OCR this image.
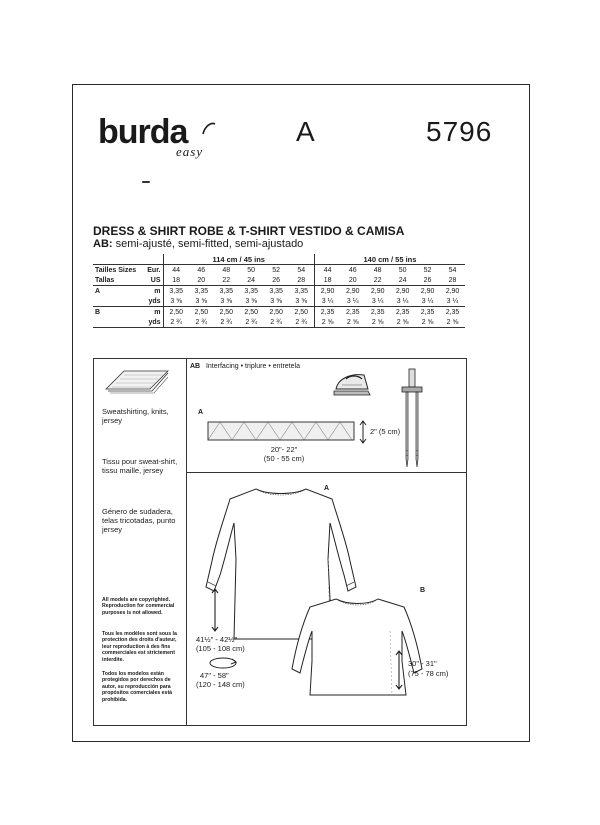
burda
easy
A	5796
DRESS & SHIRT ROBE & T-SHIRT VESTIDO & CAMISA
AB: semi-ajusté, semi-fitted, semi-ajustado
		114 cm / 45 ins						140 cm / 55 ins					
Tailles Sizes	Eur.	44	46	48	50	52	54	44	46	48	50	52	54
Tallas	US	18	20	22	24	26	28	18	20	22	24	26	28
A	m	3,35	3,35	3,35	3,35	3,35	3,35	2,90	2,90	2,90	2,90	2,90	2,90
	yds	3 ⅝	3 ⅝	3 ⅝	3 ⅝	3 ⅝	3 ⅝	3 ¼	3 ¼	3 ¼	3 ¼	3 ¼	3 ¼
B	m	2,50	2,50	2,50	2,50	2,50	2,50	2,35	2,35	2,35	2,35	2,35	2,35
	yds	2 ¾	2 ¾	2 ¾	2 ¾	2 ¾	2 ¾	2 ⅝	2 ⅝	2 ⅝	2 ⅝	2 ⅝	2 ⅝
Sweatshirting, knits, jersey
Tissu pour sweat-shirt, tissu maille, jersey
Género de sudadera, telas tricotadas, punto jersey
All models are copyrighted. Reproduction for commercial purposes is not allowed.
Tous les modèles sont sous la protection des droits d'auteur, leur reproduction à des fins commerciales est strictement interdite.
Todos los modelos están protegidos por derechos de autor, su reproducción para propósitos comerciales está prohibida.
AB Interfacing • triplure • entretela
A
2" (5 cm)
20"- 22"
(50 - 55 cm)
A
41½" - 42½"
(105 - 108 cm)
47" - 58"
(120 - 148 cm)
B
30" - 31"
(75 - 78 cm)
